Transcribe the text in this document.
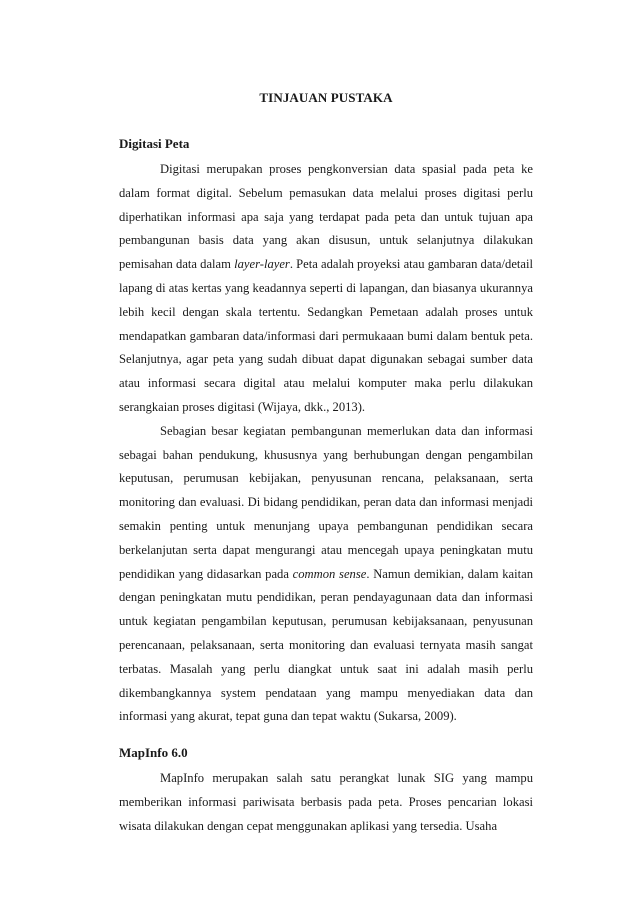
TINJAUAN PUSTAKA
Digitasi Peta

Digitasi merupakan proses pengkonversian data spasial pada peta ke dalam format digital. Sebelum pemasukan data melalui proses digitasi perlu diperhatikan informasi apa saja yang terdapat pada peta dan untuk tujuan apa pembangunan basis data yang akan disusun, untuk selanjutnya dilakukan pemisahan data dalam layer-layer. Peta adalah proyeksi atau gambaran data/detail lapang di atas kertas yang keadannya seperti di lapangan, dan biasanya ukurannya lebih kecil dengan skala tertentu. Sedangkan Pemetaan adalah proses untuk mendapatkan gambaran data/informasi dari permukaaan bumi dalam bentuk peta. Selanjutnya, agar peta yang sudah dibuat dapat digunakan sebagai sumber data atau informasi secara digital atau melalui komputer maka perlu dilakukan serangkaian proses digitasi (Wijaya, dkk., 2013).

Sebagian besar kegiatan pembangunan memerlukan data dan informasi sebagai bahan pendukung, khususnya yang berhubungan dengan pengambilan keputusan, perumusan kebijakan, penyusunan rencana, pelaksanaan, serta monitoring dan evaluasi. Di bidang pendidikan, peran data dan informasi menjadi semakin penting untuk menunjang upaya pembangunan pendidikan secara berkelanjutan serta dapat mengurangi atau mencegah upaya peningkatan mutu pendidikan yang didasarkan pada common sense. Namun demikian, dalam kaitan dengan peningkatan mutu pendidikan, peran pendayagunaan data dan informasi untuk kegiatan pengambilan keputusan, perumusan kebijaksanaan, penyusunan perencanaan, pelaksanaan, serta monitoring dan evaluasi ternyata masih sangat terbatas. Masalah yang perlu diangkat untuk saat ini adalah masih perlu dikembangkannya system pendataan yang mampu menyediakan data dan informasi yang akurat, tepat guna dan tepat waktu (Sukarsa, 2009).

MapInfo 6.0

MapInfo merupakan salah satu perangkat lunak SIG yang mampu memberikan informasi pariwisata berbasis pada peta. Proses pencarian lokasi wisata dilakukan dengan cepat menggunakan aplikasi yang tersedia. Usaha
